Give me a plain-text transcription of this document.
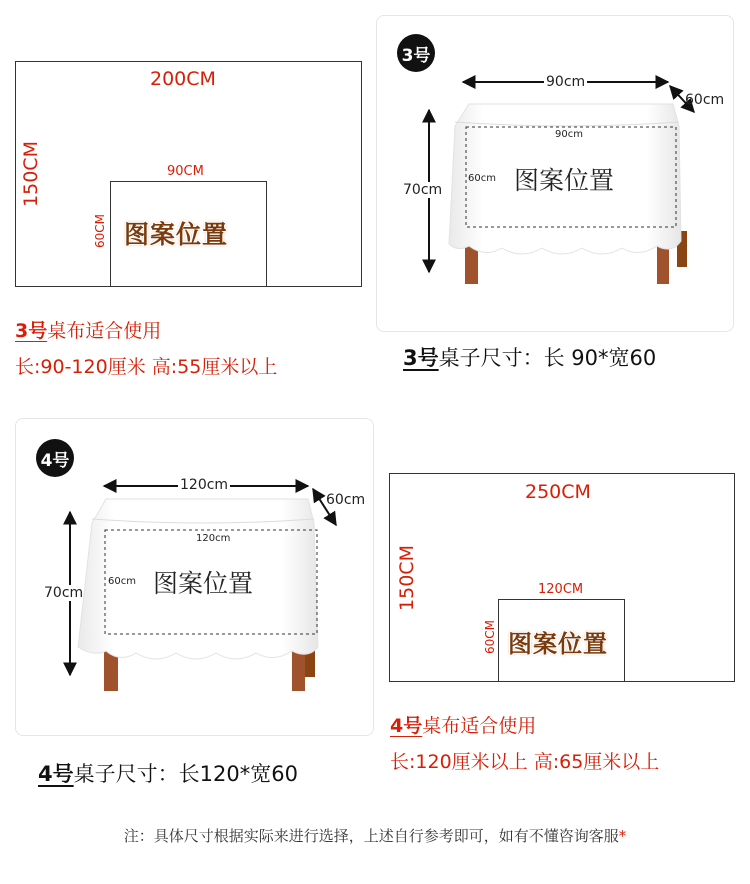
200CM
150CM	90CM
60CM 图案位置
3号桌布适合使用
长:90-120厘米 高:55厘米以上
3号
90cm
60cm
70cm
90cm
60cm 图案位置
3号桌子尺寸：长 90*宽60
4号
120cm
60cm
70cm
120cm
60cm 图案位置
4号桌子尺寸：长120*宽60
250CM
150CM	120CM
60CM 图案位置
4号桌布适合使用
长:120厘米以上 高:65厘米以上
注：具体尺寸根据实际来进行选择，上述自行参考即可，如有不懂咨询客服*
